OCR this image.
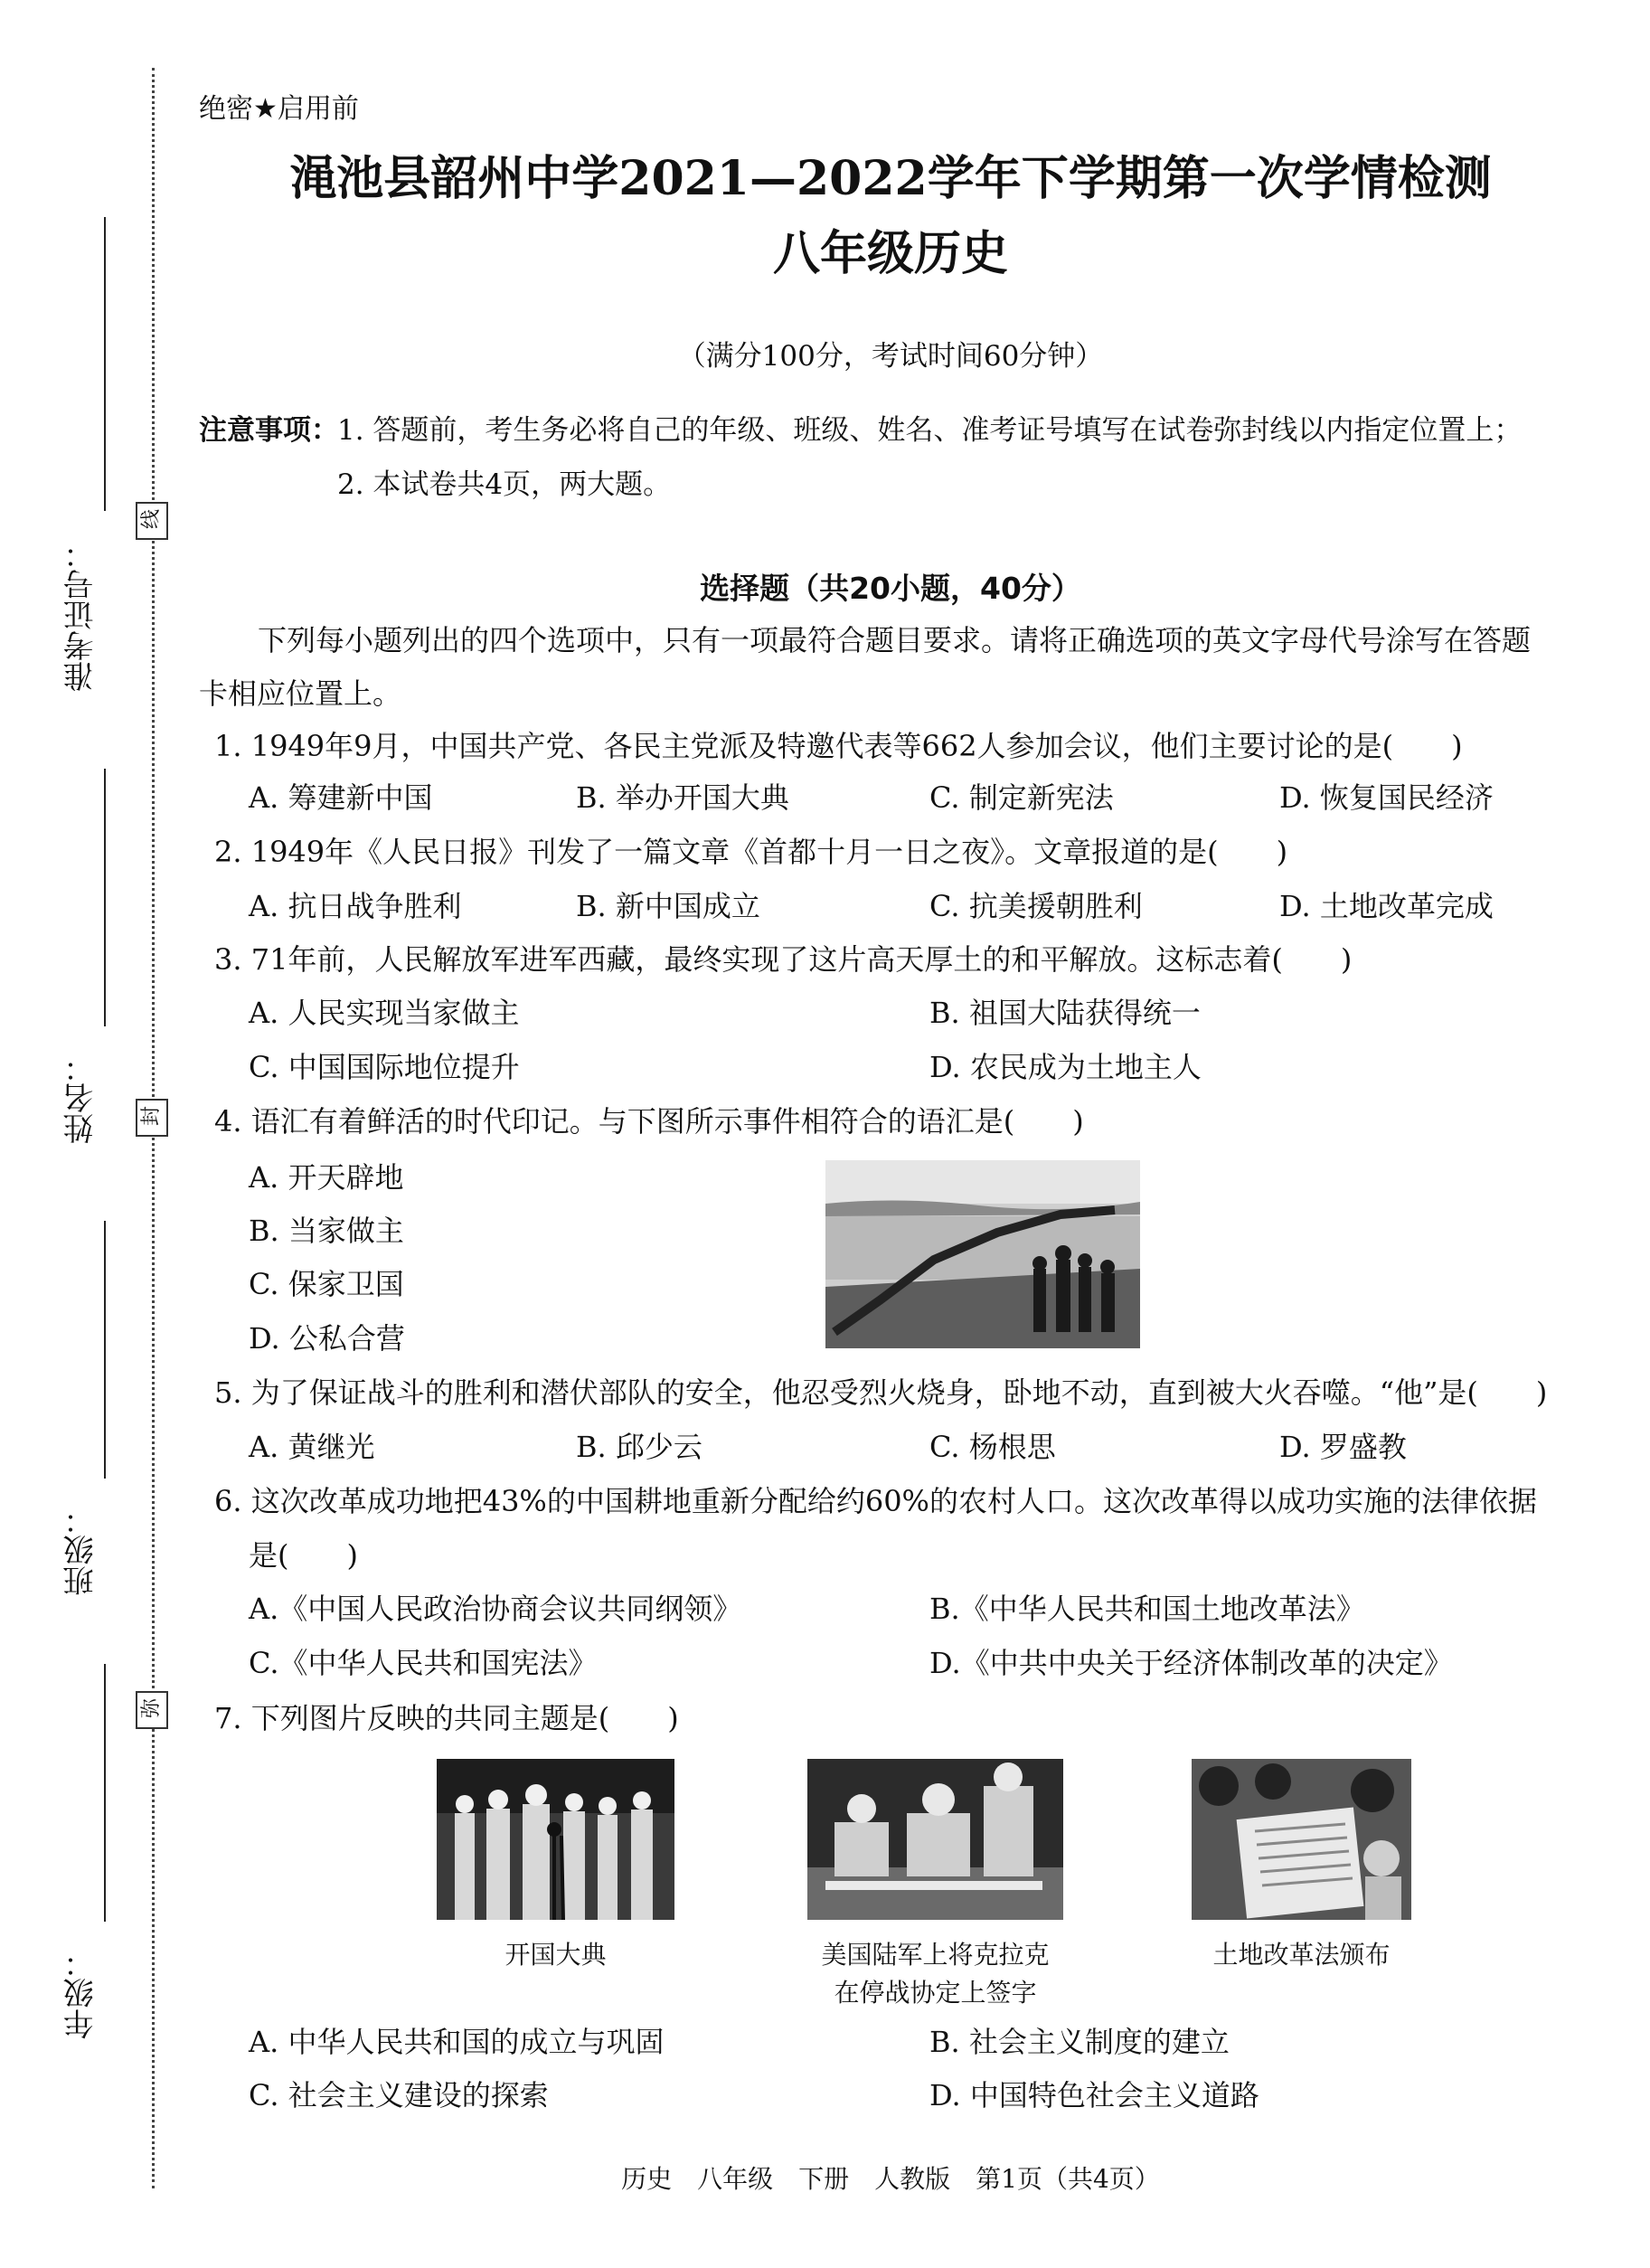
准考证号：
姓名：
班级：
年级：
线
封
弥
绝密★启用前
渑池县韶州中学2021—2022学年下学期第一次学情检测
八年级历史
（满分100分，考试时间60分钟）
注意事项：
1. 答题前，考生务必将自己的年级、班级、姓名、准考证号填写在试卷弥封线以内指定位置上；
2. 本试卷共4页，两大题。
选择题（共20小题，40分）
下列每小题列出的四个选项中，只有一项最符合题目要求。请将正确选项的英文字母代号涂写在答题
卡相应位置上。
1. 1949年9月，中国共产党、各民主党派及特邀代表等662人参加会议，他们主要讨论的是(　　)
A. 筹建新中国	B. 举办开国大典	C. 制定新宪法	D. 恢复国民经济
2. 1949年《人民日报》刊发了一篇文章《首都十月一日之夜》。文章报道的是(　　)
A. 抗日战争胜利	B. 新中国成立	C. 抗美援朝胜利	D. 土地改革完成
3. 71年前，人民解放军进军西藏，最终实现了这片高天厚土的和平解放。这标志着(　　)
A. 人民实现当家做主	B. 祖国大陆获得统一
C. 中国国际地位提升	D. 农民成为土地主人
4. 语汇有着鲜活的时代印记。与下图所示事件相符合的语汇是(　　)
A. 开天辟地
B. 当家做主
C. 保家卫国
D. 公私合营
5. 为了保证战斗的胜利和潜伏部队的安全，他忍受烈火烧身，卧地不动，直到被大火吞噬。“他”是(　　)
A. 黄继光	B. 邱少云	C. 杨根思	D. 罗盛教
6. 这次改革成功地把43%的中国耕地重新分配给约60%的农村人口。这次改革得以成功实施的法律依据
是(　　)
A.《中国人民政治协商会议共同纲领》	B.《中华人民共和国土地改革法》
C.《中华人民共和国宪法》	D.《中共中央关于经济体制改革的决定》
7. 下列图片反映的共同主题是(　　)
开国大典	美国陆军上将克拉克
在停战协定上签字
土地改革法颁布
A. 中华人民共和国的成立与巩固	B. 社会主义制度的建立
C. 社会主义建设的探索	D. 中国特色社会主义道路
历史　八年级　下册　人教版　第1页（共4页）
